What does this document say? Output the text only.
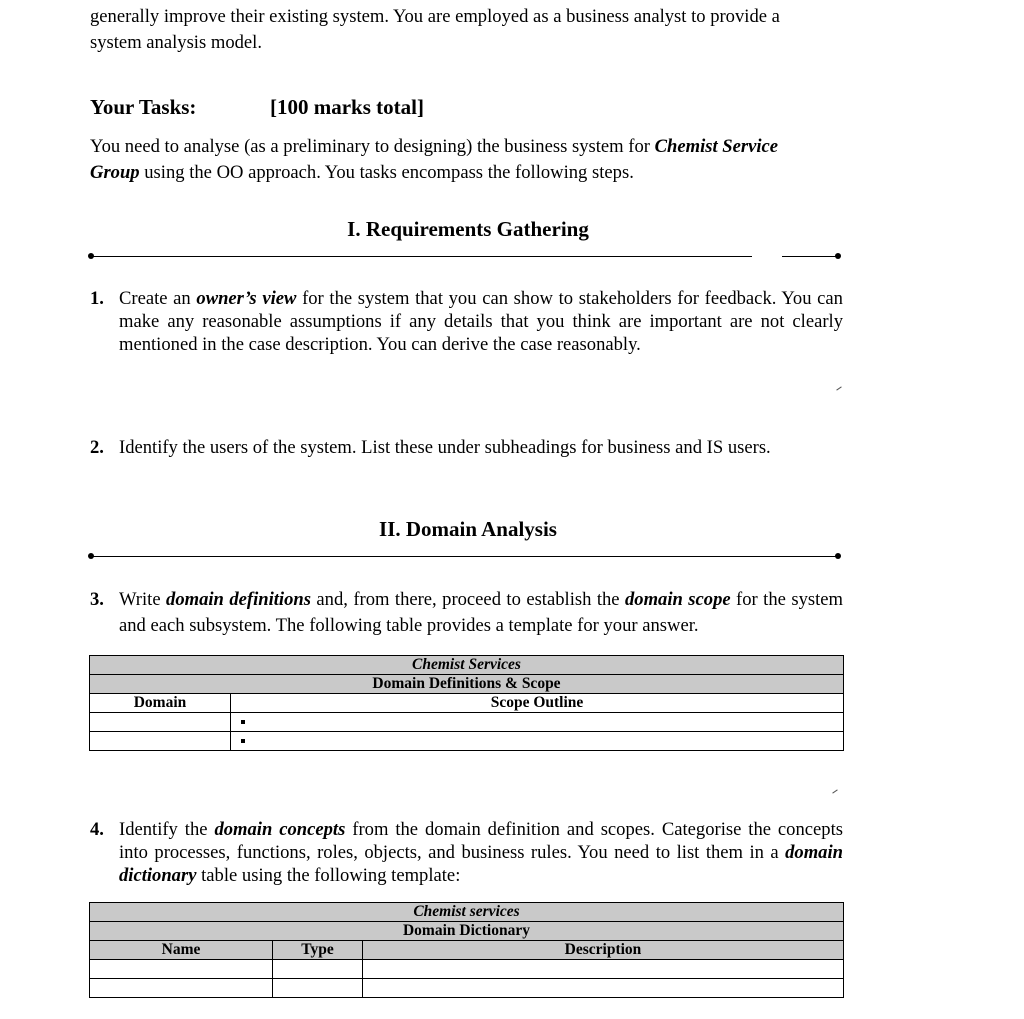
generally improve their existing system. You are employed as a business analyst to provide a
system analysis model.
Your Tasks:	[100 marks total]
You need to analyse (as a preliminary to designing) the business system for Chemist Service
Group using the OO approach. You tasks encompass the following steps.
I. Requirements Gathering
1. Create an owner’s view for the system that you can show to stakeholders for feedback. You can make any reasonable assumptions if any details that you think are important are not clearly mentioned in the case description. You can derive the case reasonably.
2. Identify the users of the system. List these under subheadings for business and IS users.
II. Domain Analysis
3. Write domain definitions and, from there, proceed to establish the domain scope for the system and each subsystem. The following table provides a template for your answer.
Chemist Services	
Domain Definitions & Scope	
Domain	Scope Outline

4. Identify the domain concepts from the domain definition and scopes. Categorise the concepts into processes, functions, roles, objects, and business rules. You need to list them in a domain dictionary table using the following template:
Chemist services		
Domain Dictionary		
Name	Type	Description
